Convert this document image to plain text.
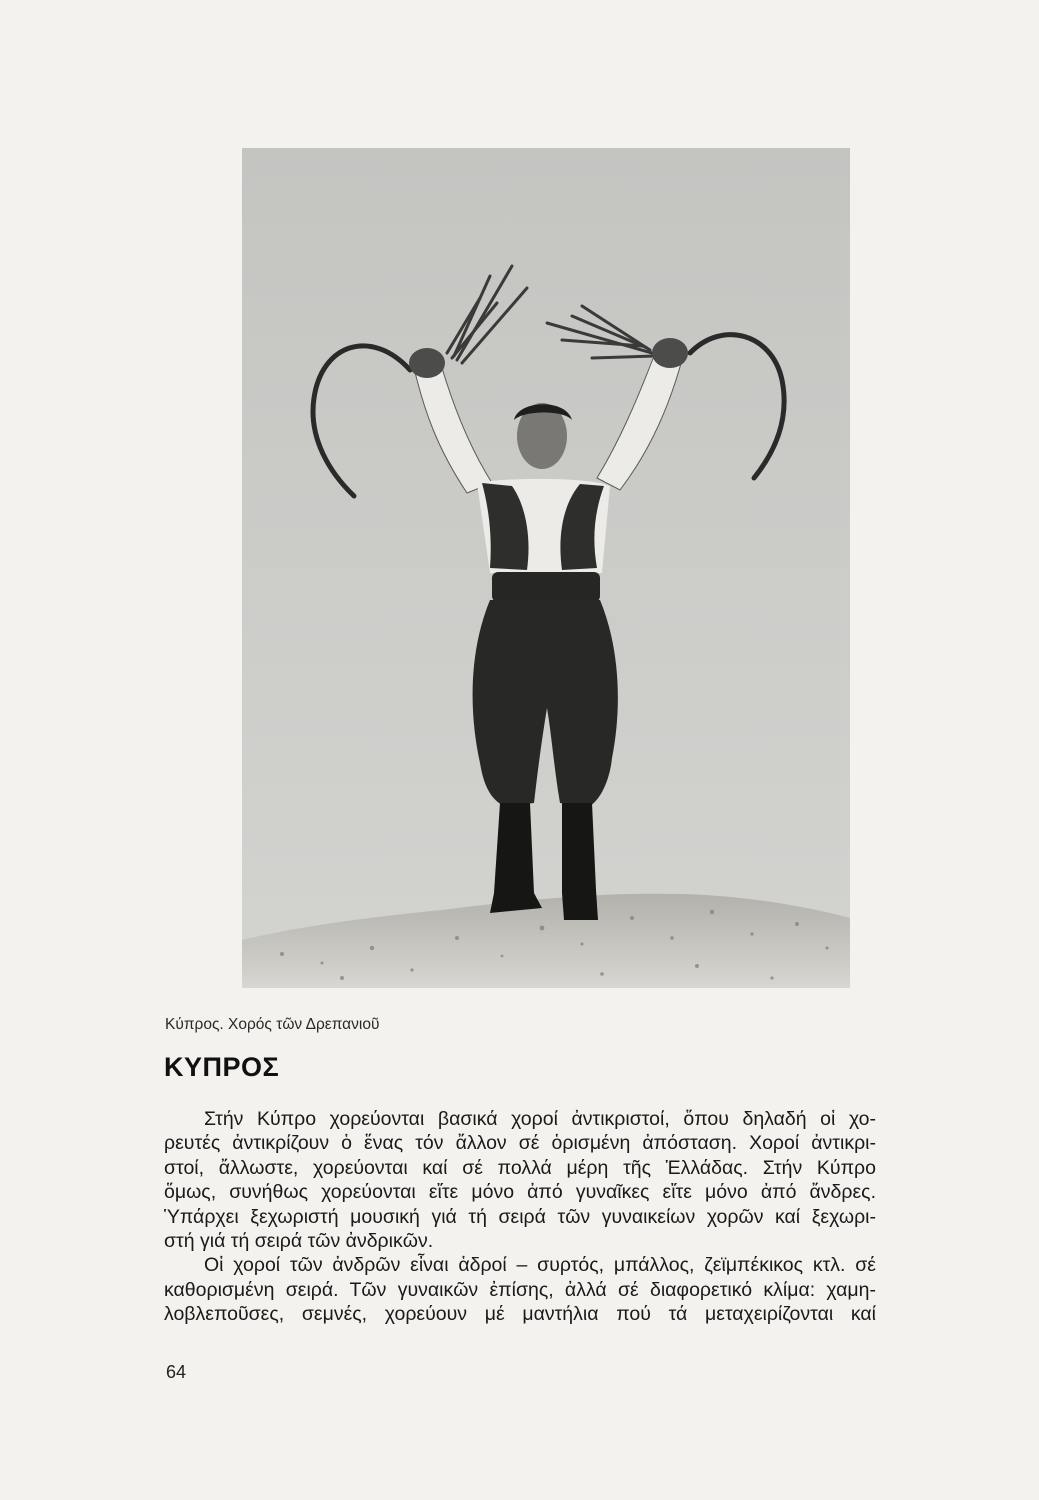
Κύπρος. Χορός τῶν Δρεπανιοῦ
ΚΥΠΡΟΣ
Στήν Κύπρο χορεύονται βασικά χοροί ἀντικριστοί, ὅπου δηλαδή οἱ χο-
ρευτές ἀντικρίζουν ὁ ἕνας τόν ἄλλον σέ ὁρισμένη ἀπόσταση. Χοροί ἀντικρι-
στοί, ἄλλωστε, χορεύονται καί σέ πολλά μέρη τῆς Ἑλλάδας. Στήν Κύπρο
ὅμως, συνήθως χορεύονται εἴτε μόνο ἀπό γυναῖκες εἴτε μόνο ἀπό ἄνδρες.
Ὑπάρχει ξεχωριστή μουσική γιά τή σειρά τῶν γυναικείων χορῶν καί ξεχωρι-
στή γιά τή σειρά τῶν ἀνδρικῶν.
Οἱ χοροί τῶν ἀνδρῶν εἶναι ἁδροί – συρτός, μπάλλος, ζεϊμπέκικος κτλ. σέ
καθορισμένη σειρά. Τῶν γυναικῶν ἐπίσης, ἀλλά σέ διαφορετικό κλίμα: χαμη-
λοβλεποῦσες, σεμνές, χορεύουν μέ μαντήλια πού τά μεταχειρίζονται καί
64
